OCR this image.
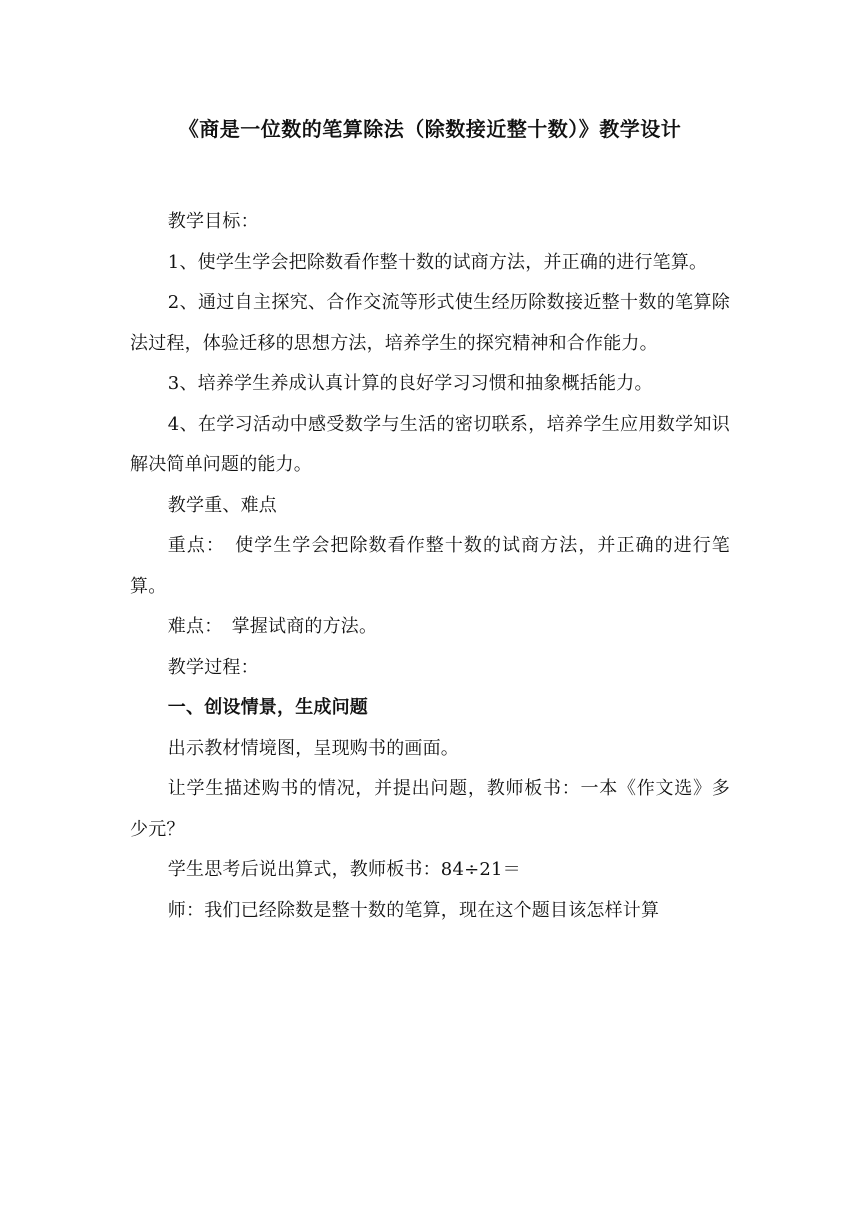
《商是一位数的笔算除法（除数接近整十数）》教学设计

教学目标：

1、使学生学会把除数看作整十数的试商方法，并正确的进行笔算。

2、通过自主探究、合作交流等形式使生经历除数接近整十数的笔算除法过程，体验迁移的思想方法，培养学生的探究精神和合作能力。

3、培养学生养成认真计算的良好学习习惯和抽象概括能力。

4、在学习活动中感受数学与生活的密切联系，培养学生应用数学知识解决简单问题的能力。

教学重、难点

重点：　使学生学会把除数看作整十数的试商方法，并正确的进行笔算。

难点：　掌握试商的方法。

教学过程：

一、创设情景，生成问题

出示教材情境图，呈现购书的画面。

让学生描述购书的情况，并提出问题，教师板书：一本《作文选》多少元？

学生思考后说出算式，教师板书：84÷21＝

师：我们已经除数是整十数的笔算，现在这个题目该怎样计算
